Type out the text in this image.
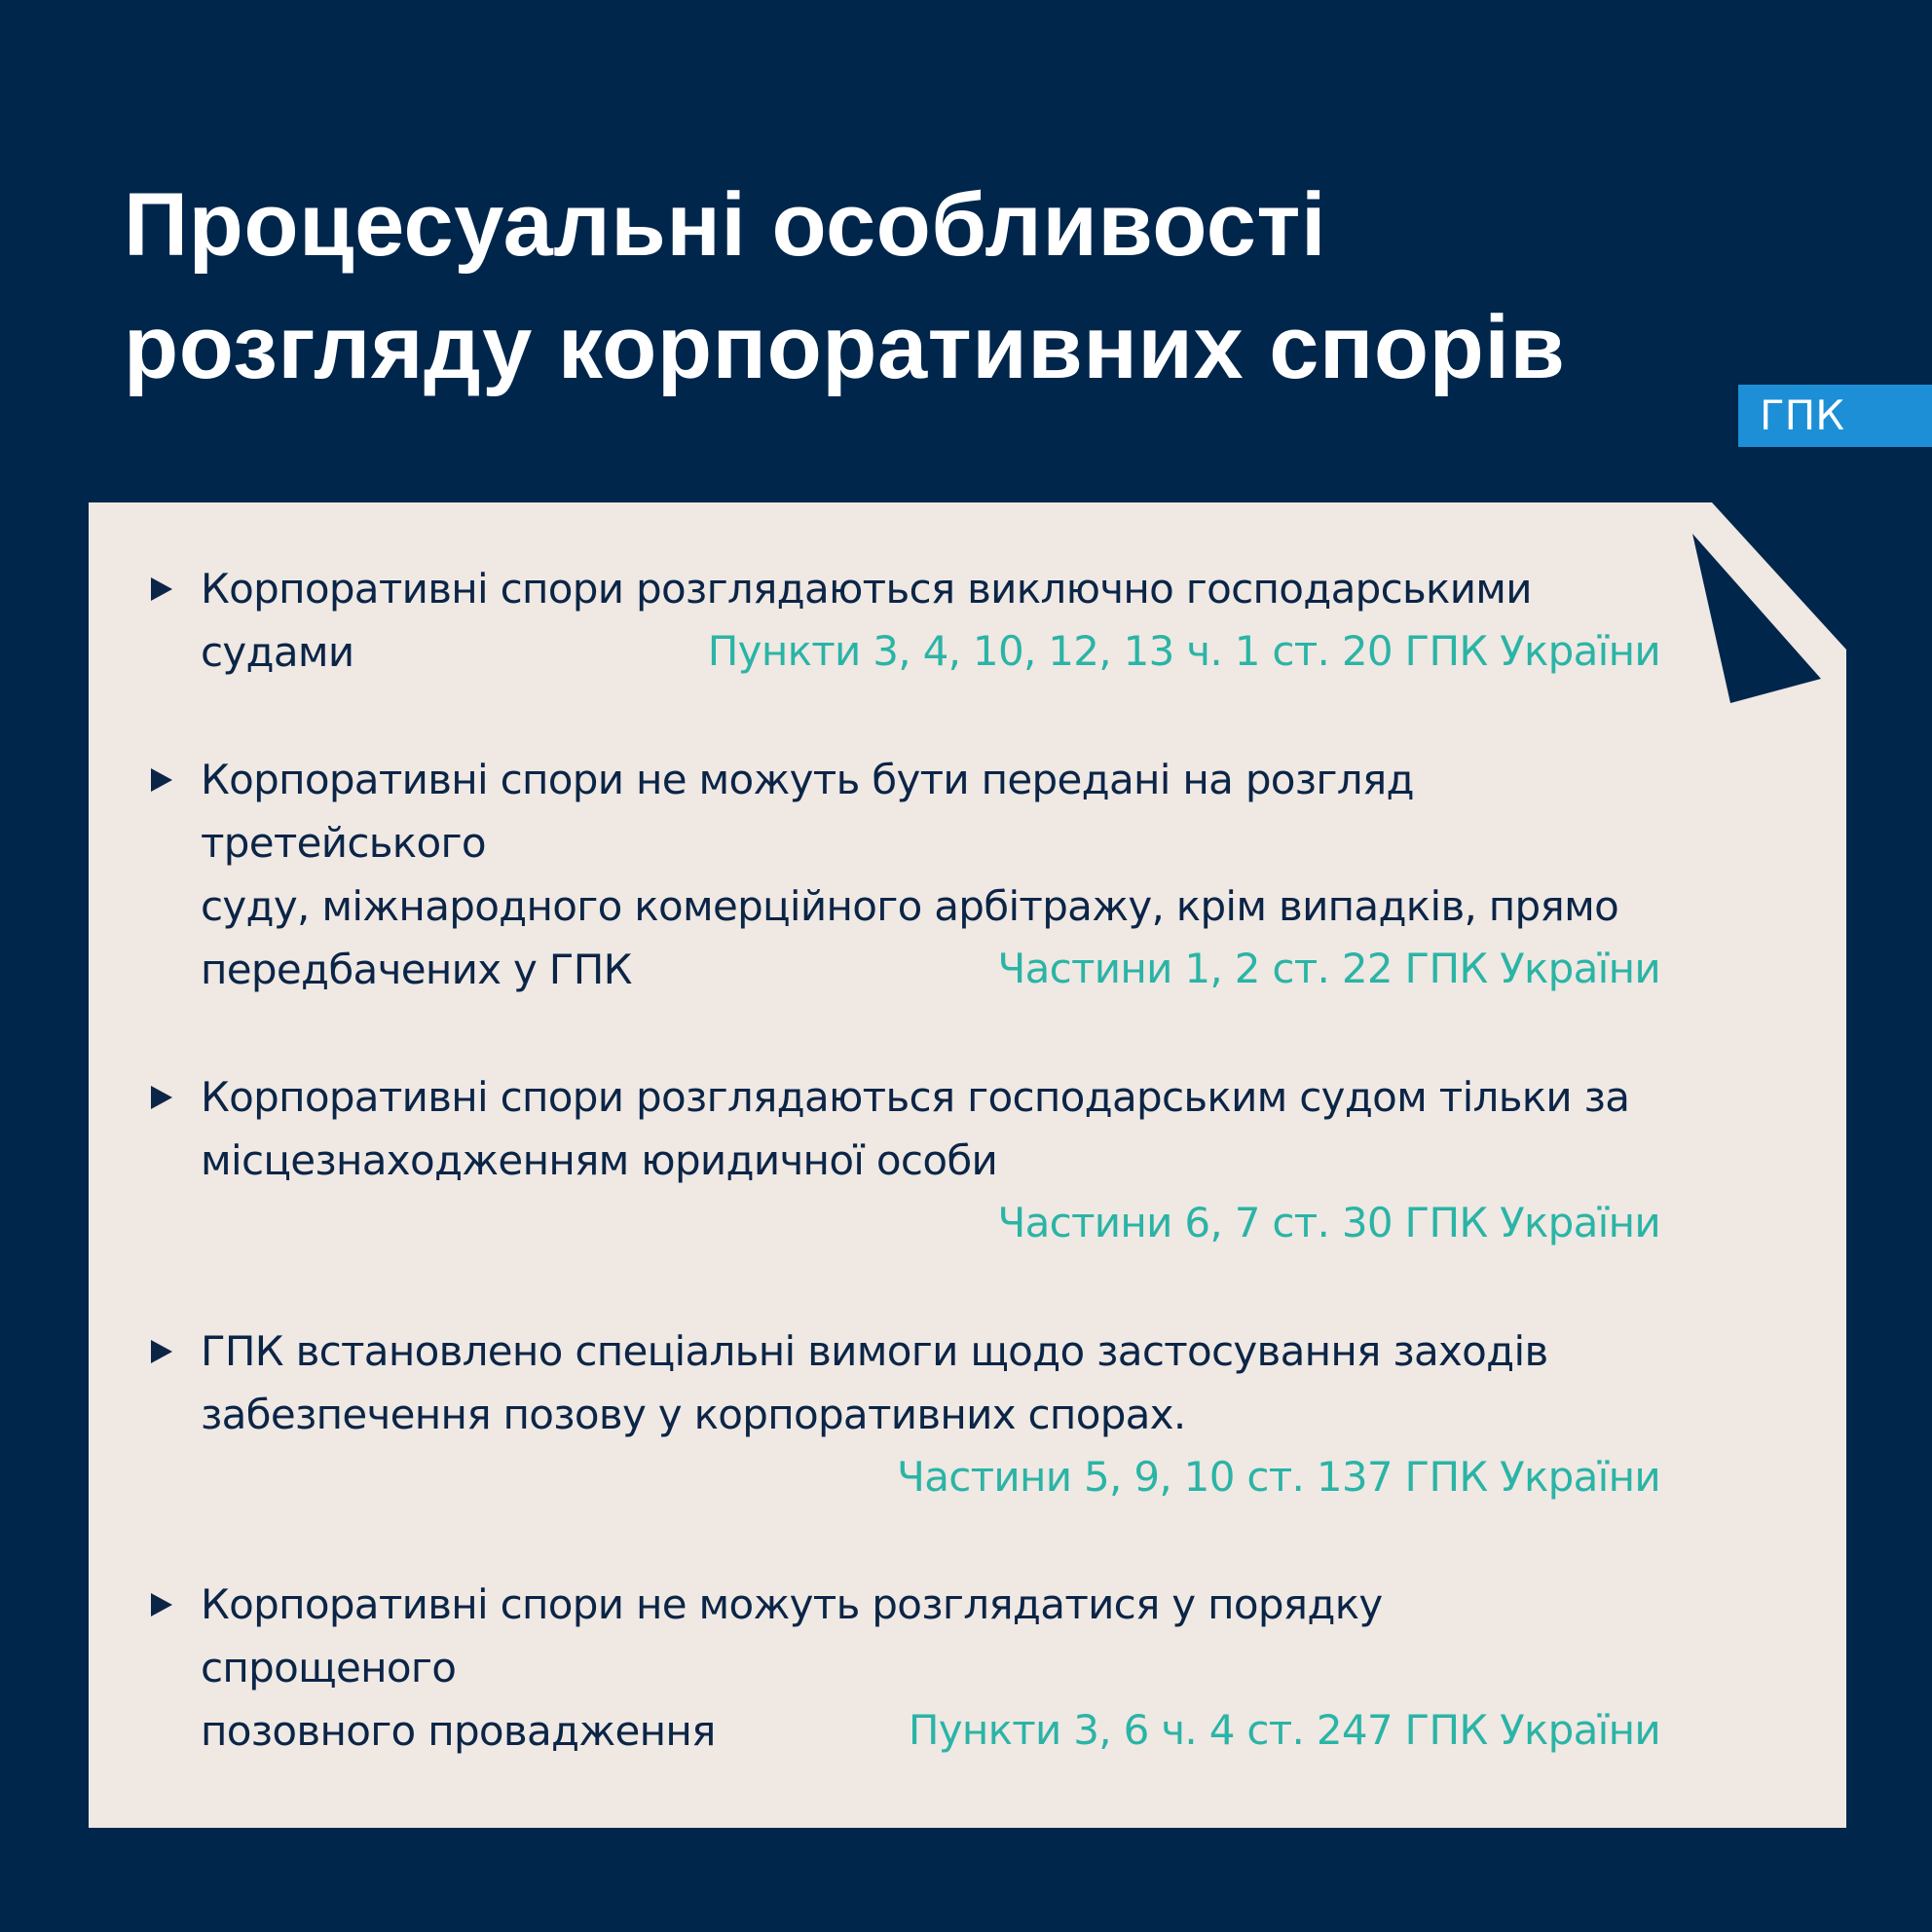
Процесуальні особливості
розгляду корпоративних спорів
ГПК

Корпоративні спори розглядаються виключно господарськими судами	Пункти 3, 4, 10, 12, 13 ч. 1 ст. 20 ГПК України

Корпоративні спори не можуть бути передані на розгляд третейського
суду, міжнародного комерційного арбітражу, крім випадків, прямо
передбачених у ГПК	Частини 1, 2 ст. 22 ГПК України

Корпоративні спори розглядаються господарським судом тільки за
місцезнаходженням юридичної особи

Частини 6, 7 ст. 30 ГПК України

ГПК встановлено спеціальні вимоги щодо застосування заходів
забезпечення позову у корпоративних спорах.

Частини 5, 9, 10 ст. 137 ГПК України

Корпоративні спори не можуть розглядатися у порядку спрощеного
позовного провадження	Пункти 3, 6 ч. 4 ст. 247 ГПК України
